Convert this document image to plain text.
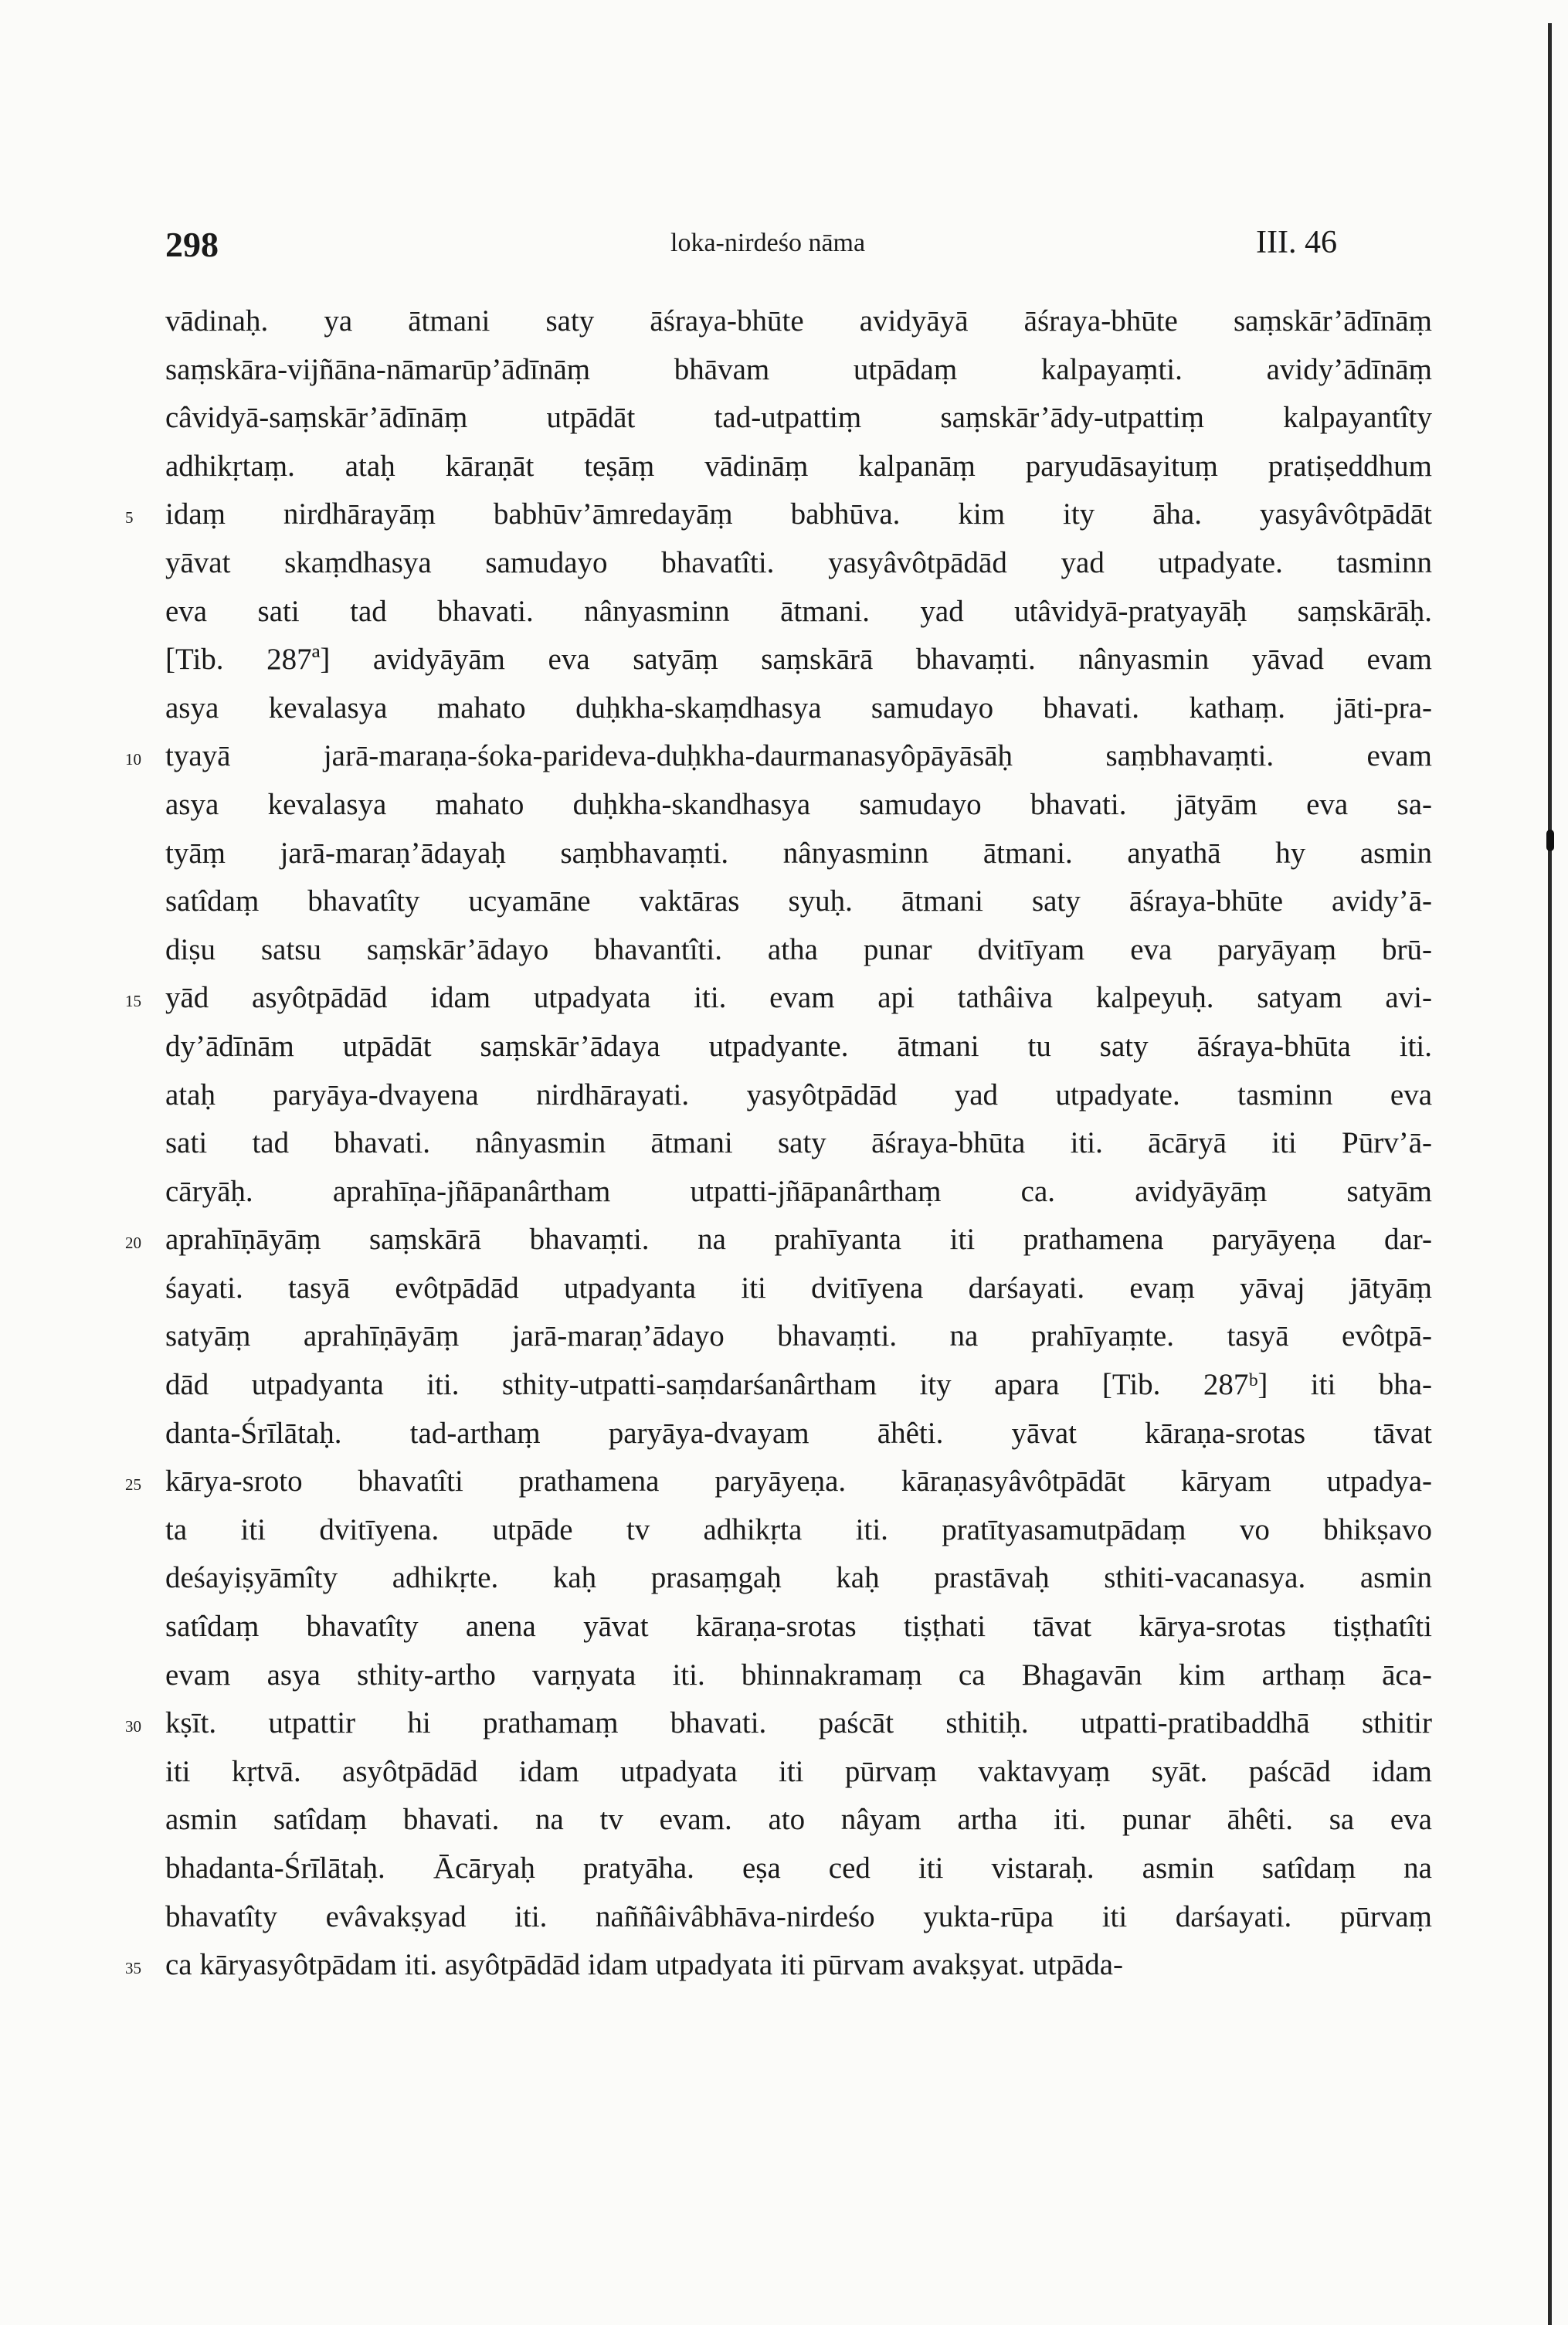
298	loka-nirdeśo nāma	III. 46
vādinaḥ. ya ātmani saty āśraya-bhūte avidyāyā āśraya-bhūte saṃskār’ādīnāṃ
saṃskāra-vijñāna-nāmarūp’ādīnāṃ bhāvam utpādaṃ kalpayaṃti. avidy’ādīnāṃ
câvidyā-saṃskār’ādīnāṃ utpādāt tad-utpattiṃ saṃskār’ādy-utpattiṃ kalpayantîty
adhikṛtaṃ. ataḥ kāraṇāt teṣāṃ vādināṃ kalpanāṃ paryudāsayituṃ pratiṣeddhum
5 idaṃ nirdhārayāṃ babhūv’āmredayāṃ babhūva. kim ity āha. yasyâvôtpādāt
yāvat skaṃdhasya samudayo bhavatîti. yasyâvôtpādād yad utpadyate. tasminn
eva sati tad bhavati. nânyasminn ātmani. yad utâvidyā-pratyayāḥ saṃskārāḥ.
[Tib. 287ª] avidyāyām eva satyāṃ saṃskārā bhavaṃti. nânyasmin yāvad evam
asya kevalasya mahato duḥkha-skaṃdhasya samudayo bhavati. kathaṃ. jāti-pra-
10 tyayā jarā-maraṇa-śoka-parideva-duḥkha-daurmanasyôpāyāsāḥ saṃbhavaṃti. evam
asya kevalasya mahato duḥkha-skandhasya samudayo bhavati. jātyām eva sa-
tyāṃ jarā-maraṇ’ādayaḥ saṃbhavaṃti. nânyasminn ātmani. anyathā hy asmin
satîdaṃ bhavatîty ucyamāne vaktāras syuḥ. ātmani saty āśraya-bhūte avidy’ā-
diṣu satsu saṃskār’ādayo bhavantîti. atha punar dvitīyam eva paryāyaṃ brū-
15 yād asyôtpādād idam utpadyata iti. evam api tathâiva kalpeyuḥ. satyam avi-
dy’ādīnām utpādāt saṃskār’ādaya utpadyante. ātmani tu saty āśraya-bhūta iti.
ataḥ paryāya-dvayena nirdhārayati. yasyôtpādād yad utpadyate. tasminn eva
sati tad bhavati. nânyasmin ātmani saty āśraya-bhūta iti. ācāryā iti Pūrv’ā-
cāryāḥ. aprahīṇa-jñāpanârtham utpatti-jñāpanârthaṃ ca. avidyāyāṃ satyām
20 aprahīṇāyāṃ saṃskārā bhavaṃti. na prahīyanta iti prathamena paryāyeṇa dar-
śayati. tasyā evôtpādād utpadyanta iti dvitīyena darśayati. evaṃ yāvaj jātyāṃ
satyāṃ aprahīṇāyāṃ jarā-maraṇ’ādayo bhavaṃti. na prahīyaṃte. tasyā evôtpā-
dād utpadyanta iti. sthity-utpatti-saṃdarśanârtham ity apara [Tib. 287ᵇ] iti bha-
danta-Śrīlātaḥ. tad-arthaṃ paryāya-dvayam āhêti. yāvat kāraṇa-srotas tāvat
25 kārya-sroto bhavatîti prathamena paryāyeṇa. kāraṇasyâvôtpādāt kāryam utpadya-
ta iti dvitīyena. utpāde tv adhikṛta iti. pratītyasamutpādaṃ vo bhikṣavo
deśayiṣyāmîty adhikṛte. kaḥ prasaṃgaḥ kaḥ prastāvaḥ sthiti-vacanasya. asmin
satîdaṃ bhavatîty anena yāvat kāraṇa-srotas tiṣṭhati tāvat kārya-srotas tiṣṭhatîti
evam asya sthity-artho varṇyata iti. bhinnakramaṃ ca Bhagavān kim arthaṃ āca-
30 kṣīt. utpattir hi prathamaṃ bhavati. paścāt sthitiḥ. utpatti-pratibaddhā sthitir
iti kṛtvā. asyôtpādād idam utpadyata iti pūrvaṃ vaktavyaṃ syāt. paścād idam
asmin satîdaṃ bhavati. na tv evam. ato nâyam artha iti. punar āhêti. sa eva
bhadanta-Śrīlātaḥ. Ācāryaḥ pratyāha. eṣa ced iti vistaraḥ. asmin satîdaṃ na
bhavatîty evâvakṣyad iti. naññâivâbhāva-nirdeśo yukta-rūpa iti darśayati. pūrvaṃ
35 ca kāryasyôtpādam iti. asyôtpādād idam utpadyata iti pūrvam avakṣyat. utpāda-
